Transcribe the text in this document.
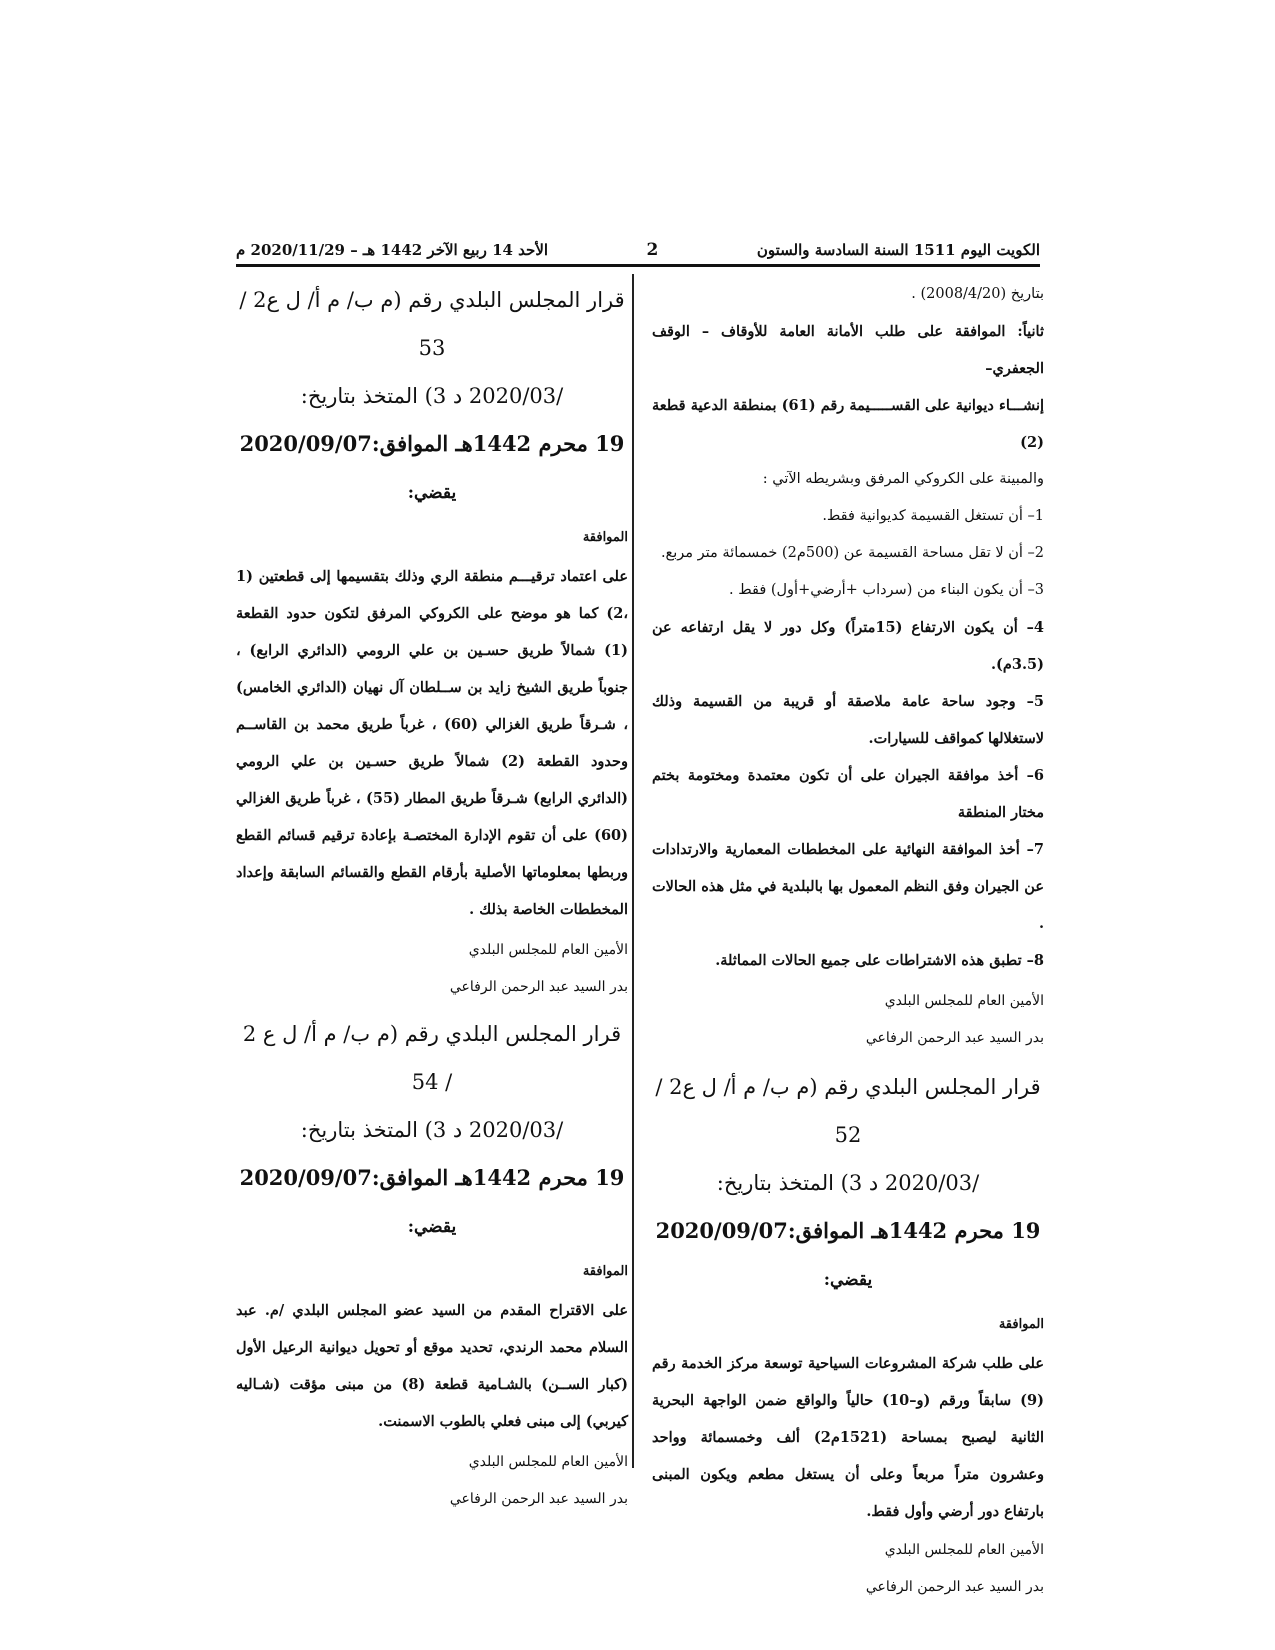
الكويت اليوم 1511 السنة السادسة والستون
2
الأحد 14 ربيع الآخر 1442 هـ – 2020/11/29 م

بتاريخ (2008/4/20) .

ثانياً: الموافقة على طلب الأمانة العامة للأوقاف – الوقف الجعفري–

إنشـــاء ديوانية على القســـــيمة رقم (61) بمنطقة الدعية قطعة (2)

والمبينة على الكروكي المرفق وبشريطه الآتي :

1– أن تستغل القسيمة كديوانية فقط.

2– أن لا تقل مساحة القسيمة عن (500م2) خمسمائة متر مربع.

3– أن يكون البناء من (سرداب +أرضي+أول) فقط .

4– أن يكون الارتفاع (15متراً) وكل دور لا يقل ارتفاعه عن (3.5م).

5– وجود ساحة عامة ملاصقة أو قريبة من القسيمة وذلك لاستغلالها كمواقف للسيارات.

6– أخذ موافقة الجيران على أن تكون معتمدة ومختومة بختم مختار المنطقة

7– أخذ الموافقة النهائية على المخططات المعمارية والارتدادات عن الجيران وفق النظم المعمول بها بالبلدية في مثل هذه الحالات .

8– تطبق هذه الاشتراطات على جميع الحالات المماثلة.

الأمين العام للمجلس البلدي

بدر السيد عبد الرحمن الرفاعي

قرار المجلس البلدي رقم (م ب/ م أ/ ل ع2 / 52

/2020/03 د 3) المتخذ بتاريخ:

19 محرم 1442هـ الموافق:2020/09/07

يقضي:

الموافقة

على طلب شركة المشروعات السياحية توسعة مركز الخدمة رقم (9) سابقاً ورقم (و–10) حالياً والواقع ضمن الواجهة البحرية الثانية ليصبح بمساحة (1521م2) ألف وخمسمائة وواحد وعشرون متراً مربعاً وعلى أن يستغل مطعم ويكون المبنى بارتفاع دور أرضي وأول فقط.

الأمين العام للمجلس البلدي

بدر السيد عبد الرحمن الرفاعي

قرار المجلس البلدي رقم (م ب/ م أ/ ل ع2 / 53

/2020/03 د 3) المتخذ بتاريخ:

19 محرم 1442هـ الموافق:2020/09/07

يقضي:

الموافقة

على اعتماد ترقيـــم منطقة الري وذلك بتقسيمها إلى قطعتين (1 ،2) كما هو موضح على الكروكي المرفق لتكون حدود القطعة (1) شمالاً طريق حسـين بن علي الرومي (الدائري الرابع) ، جنوباً طريق الشيخ زايد بن ســلطان آل نهيان (الدائري الخامس) ، شـرقاً طريق الغزالي (60) ، غرباً طريق محمد بن القاســم وحدود القطعة (2) شمالاً طريق حسـين بن علي الرومي (الدائري الرابع) شـرقاً طريق المطار (55) ، غرباً طريق الغزالي (60) على أن تقوم الإدارة المختصـة بإعادة ترقيم قسائم القطع وربطها بمعلوماتها الأصلية بأرقام القطع والقسائم السابقة وإعداد المخططات الخاصة بذلك .

الأمين العام للمجلس البلدي

بدر السيد عبد الرحمن الرفاعي

قرار المجلس البلدي رقم (م ب/ م أ/ ل ع 2 / 54

/2020/03 د 3) المتخذ بتاريخ:

19 محرم 1442هـ الموافق:2020/09/07

يقضي:

الموافقة

على الاقتراح المقدم من السيد عضو المجلس البلدي /م. عبد السلام محمد الرندي، تحديد موقع أو تحويل ديوانية الرعيل الأول (كبار الســن) بالشـامية قطعة (8) من مبنى مؤقت (شـاليه كيربي) إلى مبنى فعلي بالطوب الاسمنت.

الأمين العام للمجلس البلدي

بدر السيد عبد الرحمن الرفاعي
